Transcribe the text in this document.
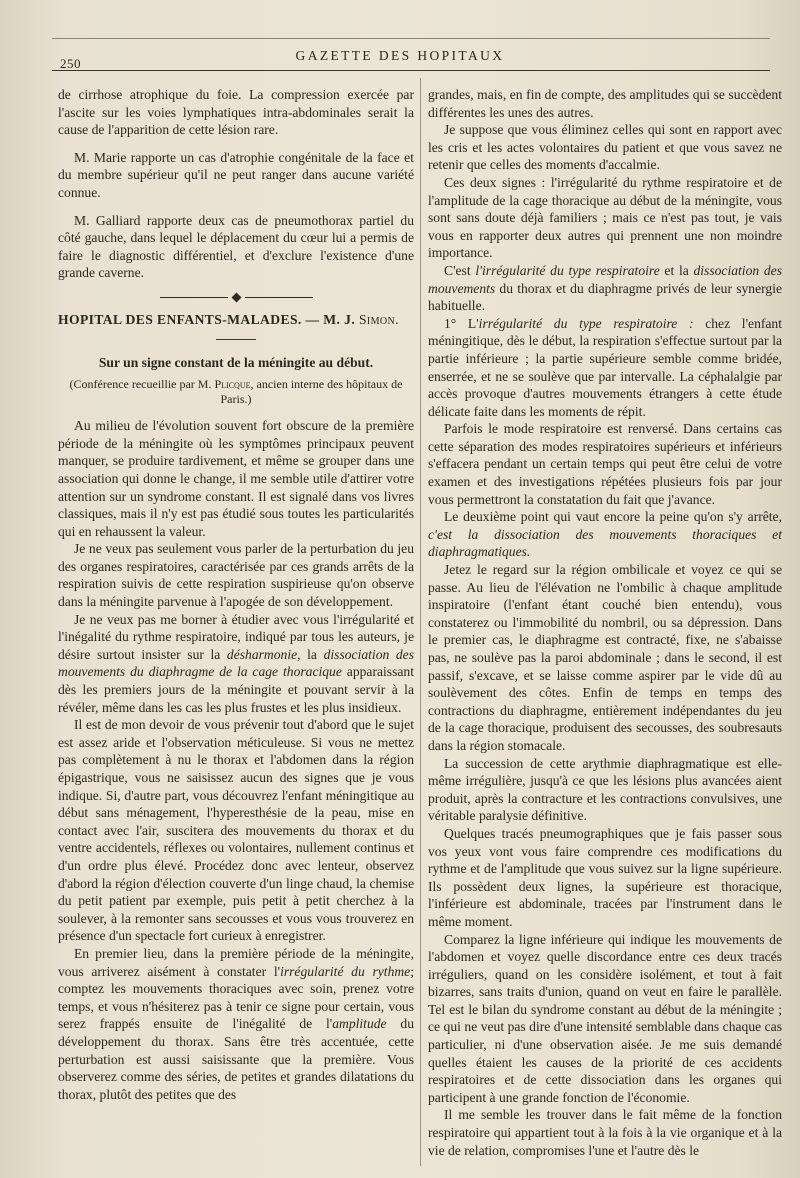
250
GAZETTE DES HOPITAUX

de cirrhose atrophique du foie. La compression exercée par l'ascite sur les voies lymphatiques intra-abdominales serait la cause de l'apparition de cette lésion rare.

M. Marie rapporte un cas d'atrophie congénitale de la face et du membre supérieur qu'il ne peut ranger dans aucune variété connue.

M. Galliard rapporte deux cas de pneumothorax partiel du côté gauche, dans lequel le déplacement du cœur lui a permis de faire le diagnostic différentiel, et d'exclure l'existence d'une grande caverne.

HOPITAL DES ENFANTS-MALADES. — M. J. Simon.

Sur un signe constant de la méningite au début.

(Conférence recueillie par M. Plicque, ancien interne des hôpitaux de Paris.)

Au milieu de l'évolution souvent fort obscure de la première période de la méningite où les symptômes principaux peuvent manquer, se produire tardivement, et même se grouper dans une association qui donne le change, il me semble utile d'attirer votre attention sur un syndrome constant. Il est signalé dans vos livres classiques, mais il n'y est pas étudié sous toutes les particularités qui en rehaussent la valeur.

Je ne veux pas seulement vous parler de la perturbation du jeu des organes respiratoires, caractérisée par ces grands arrêts de la respiration suivis de cette respiration suspirieuse qu'on observe dans la méningite parvenue à l'apogée de son développement.

Je ne veux pas me borner à étudier avec vous l'irrégularité et l'inégalité du rythme respiratoire, indiqué par tous les auteurs, je désire surtout insister sur la désharmonie, la dissociation des mouvements du diaphragme de la cage thoracique apparaissant dès les premiers jours de la méningite et pouvant servir à la révéler, même dans les cas les plus frustes et les plus insidieux.

Il est de mon devoir de vous prévenir tout d'abord que le sujet est assez aride et l'observation méticuleuse. Si vous ne mettez pas complètement à nu le thorax et l'abdomen dans la région épigastrique, vous ne saisissez aucun des signes que je vous indique. Si, d'autre part, vous découvrez l'enfant méningitique au début sans ménagement, l'hyperesthésie de la peau, mise en contact avec l'air, suscitera des mouvements du thorax et du ventre accidentels, réflexes ou volontaires, nullement continus et d'un ordre plus élevé. Procédez donc avec lenteur, observez d'abord la région d'élection couverte d'un linge chaud, la chemise du petit patient par exemple, puis petit à petit cherchez à la soulever, à la remonter sans secousses et vous vous trouverez en présence d'un spectacle fort curieux à enregistrer.

En premier lieu, dans la première période de la méningite, vous arriverez aisément à constater l'irrégularité du rythme; comptez les mouvements thoraciques avec soin, prenez votre temps, et vous n'hésiterez pas à tenir ce signe pour certain, vous serez frappés ensuite de l'inégalité de l'amplitude du développement du thorax. Sans être très accentuée, cette perturbation est aussi saisissante que la première. Vous observerez comme des séries, de petites et grandes dilatations du thorax, plutôt des petites que des

grandes, mais, en fin de compte, des amplitudes qui se succèdent différentes les unes des autres.

Je suppose que vous éliminez celles qui sont en rapport avec les cris et les actes volontaires du patient et que vous savez ne retenir que celles des moments d'accalmie.

Ces deux signes : l'irrégularité du rythme respiratoire et de l'amplitude de la cage thoracique au début de la méningite, vous sont sans doute déjà familiers ; mais ce n'est pas tout, je vais vous en rapporter deux autres qui prennent une non moindre importance.

C'est l'irrégularité du type respiratoire et la dissociation des mouvements du thorax et du diaphragme privés de leur synergie habituelle.

1° L'irrégularité du type respiratoire : chez l'enfant méningitique, dès le début, la respiration s'effectue surtout par la partie inférieure ; la partie supérieure semble comme bridée, enserrée, et ne se soulève que par intervalle. La céphalalgie par accès provoque d'autres mouvements étrangers à cette étude délicate faite dans les moments de répit.

Parfois le mode respiratoire est renversé. Dans certains cas cette séparation des modes respiratoires supérieurs et inférieurs s'effacera pendant un certain temps qui peut être celui de votre examen et des investigations répétées plusieurs fois par jour vous permettront la constatation du fait que j'avance.

Le deuxième point qui vaut encore la peine qu'on s'y arrête, c'est la dissociation des mouvements thoraciques et diaphragmatiques.

Jetez le regard sur la région ombilicale et voyez ce qui se passe. Au lieu de l'élévation ne l'ombilic à chaque amplitude inspiratoire (l'enfant étant couché bien entendu), vous constaterez ou l'immobilité du nombril, ou sa dépression. Dans le premier cas, le diaphragme est contracté, fixe, ne s'abaisse pas, ne soulève pas la paroi abdominale ; dans le second, il est passif, s'excave, et se laisse comme aspirer par le vide dû au soulèvement des côtes. Enfin de temps en temps des contractions du diaphragme, entièrement indépendantes du jeu de la cage thoracique, produisent des secousses, des soubresauts dans la région stomacale.

La succession de cette arythmie diaphragmatique est elle-même irrégulière, jusqu'à ce que les lésions plus avancées aient produit, après la contracture et les contractions convulsives, une véritable paralysie définitive.

Quelques tracés pneumographiques que je fais passer sous vos yeux vont vous faire comprendre ces modifications du rythme et de l'amplitude que vous suivez sur la ligne supérieure. Ils possèdent deux lignes, la supérieure est thoracique, l'inférieure est abdominale, tracées par l'instrument dans le même moment.

Comparez la ligne inférieure qui indique les mouvements de l'abdomen et voyez quelle discordance entre ces deux tracés irréguliers, quand on les considère isolément, et tout à fait bizarres, sans traits d'union, quand on veut en faire le parallèle. Tel est le bilan du syndrome constant au début de la méningite ; ce qui ne veut pas dire d'une intensité semblable dans chaque cas particulier, ni d'une observation aisée. Je me suis demandé quelles étaient les causes de la priorité de ces accidents respiratoires et de cette dissociation dans les organes qui participent à une grande fonction de l'économie.

Il me semble les trouver dans le fait même de la fonction respiratoire qui appartient tout à la fois à la vie organique et à la vie de relation, compromises l'une et l'autre dès le
